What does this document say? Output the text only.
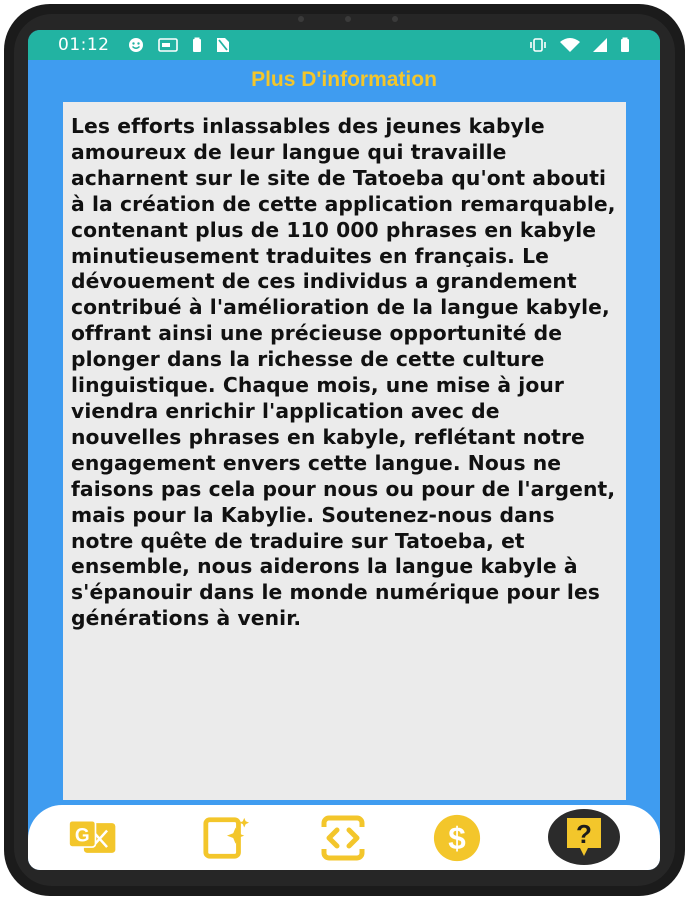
01:12
Plus D'information
Les efforts inlassables des jeunes kabyle amoureux de leur langue qui travaille acharnent sur le site de Tatoeba qu'ont abouti à la création de cette application remarquable, contenant plus de 110 000 phrases en kabyle minutieusement traduites en français. Le dévouement de ces individus a grandement contribué à l'amélioration de la langue kabyle, offrant ainsi une précieuse opportunité de plonger dans la richesse de cette culture linguistique. Chaque mois, une mise à jour viendra enrichir l'application avec de nouvelles phrases en kabyle, reflétant notre engagement envers cette langue. Nous ne faisons pas cela pour nous ou pour de l'argent, mais pour la Kabylie. Soutenez-nous dans notre quête de traduire sur Tatoeba, et ensemble, nous aiderons la langue kabyle à s'épanouir dans le monde numérique pour les générations à venir.
G	$	?
